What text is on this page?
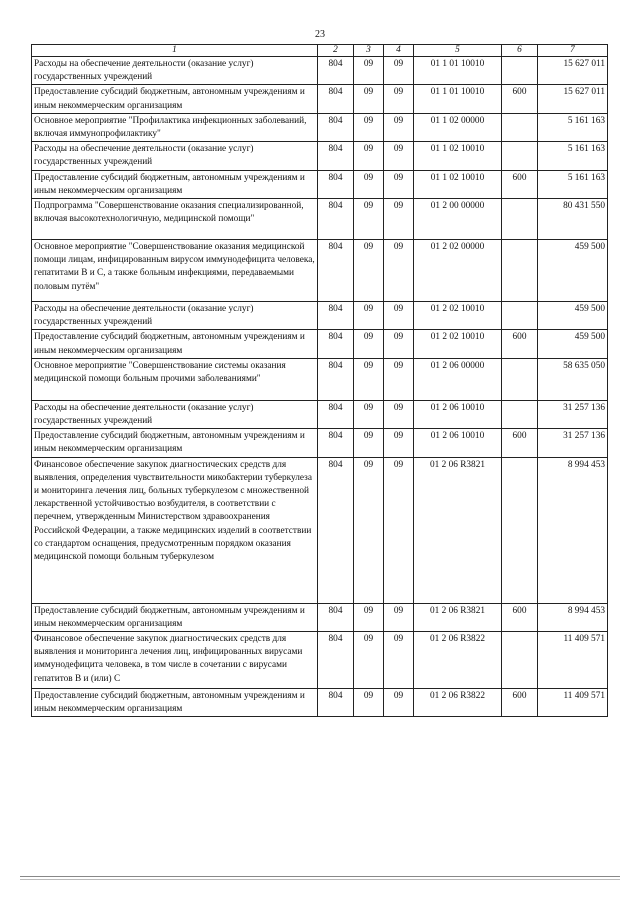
23
1	2	3	4	5	6	7
Расходы на обеспечение деятельности (оказание услуг) государственных учреждений	804	09	09	01 1 01 10010		15 627 011
Предоставление субсидий бюджетным, автономным учреждениям и иным некоммерческим организациям	804	09	09	01 1 01 10010	600	15 627 011
Основное мероприятие "Профилактика инфекционных заболеваний, включая иммунопрофилактику"	804	09	09	01 1 02 00000		5 161 163
Расходы на обеспечение деятельности (оказание услуг) государственных учреждений	804	09	09	01 1 02 10010		5 161 163
Предоставление субсидий бюджетным, автономным учреждениям и иным некоммерческим организациям	804	09	09	01 1 02 10010	600	5 161 163
Подпрограмма "Совершенствование оказания специализированной, включая высокотехнологичную, медицинской помощи"	804	09	09	01 2 00 00000		80 431 550
Основное мероприятие "Совершенствование оказания медицинской помощи лицам, инфицированным вирусом иммунодефицита человека, гепатитами B и C, а также больным инфекциями, передаваемыми половым путём"	804	09	09	01 2 02 00000		459 500
Расходы на обеспечение деятельности (оказание услуг) государственных учреждений	804	09	09	01 2 02 10010		459 500
Предоставление субсидий бюджетным, автономным учреждениям и иным некоммерческим организациям	804	09	09	01 2 02 10010	600	459 500
Основное мероприятие "Совершенствование системы оказания медицинской помощи больным прочими заболеваниями"	804	09	09	01 2 06 00000		58 635 050
Расходы на обеспечение деятельности (оказание услуг) государственных учреждений	804	09	09	01 2 06 10010		31 257 136
Предоставление субсидий бюджетным, автономным учреждениям и иным некоммерческим организациям	804	09	09	01 2 06 10010	600	31 257 136
Финансовое обеспечение закупок диагностических средств для выявления, определения чувствительности микобактерии туберкулеза и мониторинга лечения лиц, больных туберкулезом с множественной лекарственной устойчивостью возбудителя, в соответствии с перечнем, утвержденным Министерством здравоохранения Российской Федерации, а также медицинских изделий в соответствии со стандартом оснащения, предусмотренным порядком оказания медицинской помощи больным туберкулезом	804	09	09	01 2 06 R3821		8 994 453
Предоставление субсидий бюджетным, автономным учреждениям и иным некоммерческим организациям	804	09	09	01 2 06 R3821	600	8 994 453
Финансовое обеспечение закупок диагностических средств для выявления и мониторинга лечения лиц, инфицированных вирусами иммунодефицита человека, в том числе в сочетании с вирусами гепатитов B и (или) C	804	09	09	01 2 06 R3822		11 409 571
Предоставление субсидий бюджетным, автономным учреждениям и иным некоммерческим организациям	804	09	09	01 2 06 R3822	600	11 409 571
